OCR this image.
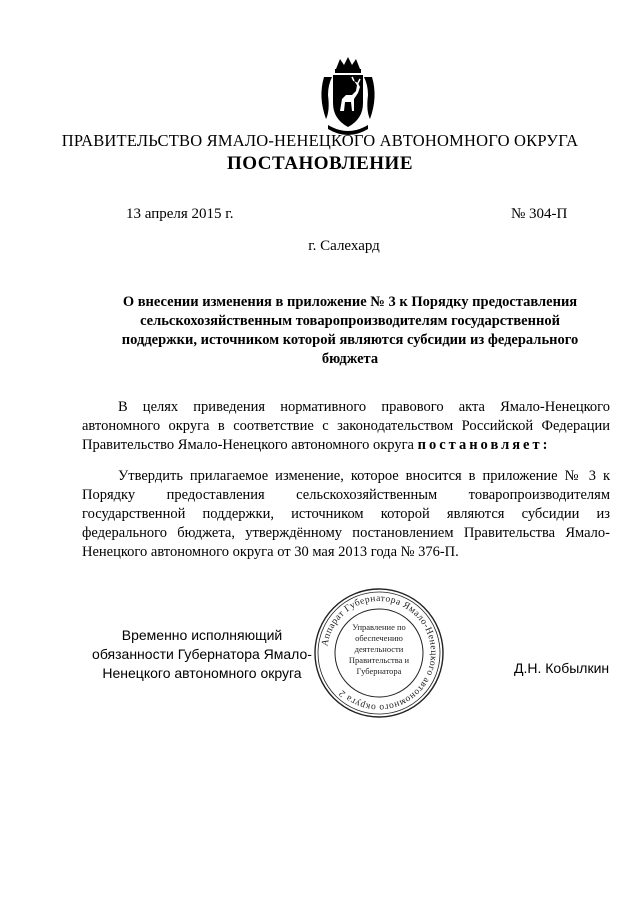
ПРАВИТЕЛЬСТВО ЯМАЛО-НЕНЕЦКОГО АВТОНОМНОГО ОКРУГА
ПОСТАНОВЛЕНИЕ
13 апреля 2015 г.	№ 304-П
г. Салехард
О внесении изменения в приложение № 3 к Порядку предоставления сельскохозяйственным товаропроизводителям государственной поддержки, источником которой являются субсидии из федерального бюджета
В целях приведения нормативного правового акта Ямало-Ненецкого автономного округа в соответствие с законодательством Российской Федерации Правительство Ямало-Ненецкого автономного округа постановляет:
Утвердить прилагаемое изменение, которое вносится в приложение № 3 к Порядку предоставления сельскохозяйственным товаропроизводителям государственной поддержки, источником которой являются субсидии из федерального бюджета, утверждённому постановлением Правительства Ямало-Ненецкого автономного округа от 30 мая 2013 года № 376-П.
Временно исполняющий обязанности Губернатора Ямало-Ненецкого автономного округа	Д.Н. Кобылкин
Аппарат Губернатора Ямало-Ненецкого автономного округа 2
Управление по обеспечению деятельности Правительства и Губернатора
